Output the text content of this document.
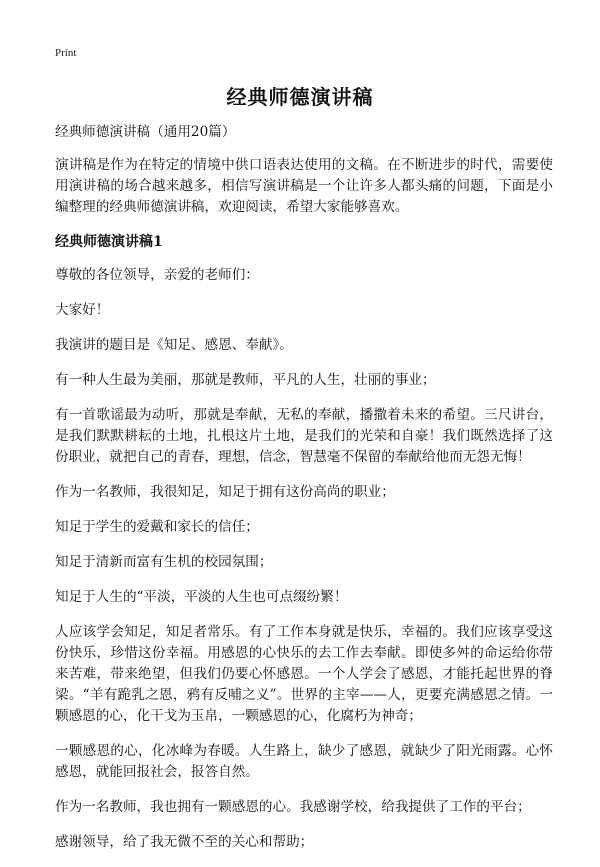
Print
经典师德演讲稿

经典师德演讲稿（通用20篇）

演讲稿是作为在特定的情境中供口语表达使用的文稿。在不断进步的时代，需要使用演讲稿的场合越来越多，相信写演讲稿是一个让许多人都头痛的问题，下面是小编整理的经典师德演讲稿，欢迎阅读，希望大家能够喜欢。

经典师德演讲稿1

尊敬的各位领导，亲爱的老师们：

大家好！

我演讲的题目是《知足、感恩、奉献》。

有一种人生最为美丽，那就是教师，平凡的人生，壮丽的事业；

有一首歌谣最为动听，那就是奉献，无私的奉献，播撒着未来的希望。三尺讲台，是我们默默耕耘的土地，扎根这片土地，是我们的光荣和自豪！我们既然选择了这份职业，就把自己的青春，理想，信念，智慧毫不保留的奉献给他而无怨无悔！

作为一名教师，我很知足，知足于拥有这份高尚的职业；

知足于学生的爱戴和家长的信任；

知足于清新而富有生机的校园氛围；

知足于人生的“平淡，平淡的人生也可点缀纷繁！

人应该学会知足，知足者常乐。有了工作本身就是快乐，幸福的。我们应该享受这份快乐，珍惜这份幸福。用感恩的心快乐的去工作去奉献。即使多舛的命运给你带来苦难，带来绝望，但我们仍要心怀感恩。一个人学会了感恩，才能托起世界的脊梁。“羊有跪乳之恩，鸦有反哺之义”。世界的主宰——人，更要充满感恩之情。一颗感恩的心，化干戈为玉帛，一颗感恩的心，化腐朽为神奇；

一颗感恩的心，化冰峰为春暖。人生路上，缺少了感恩，就缺少了阳光雨露。心怀感恩，就能回报社会，报答自然。

作为一名教师，我也拥有一颗感恩的心。我感谢学校，给我提供了工作的平台；

感谢领导，给了我无微不至的关心和帮助；
